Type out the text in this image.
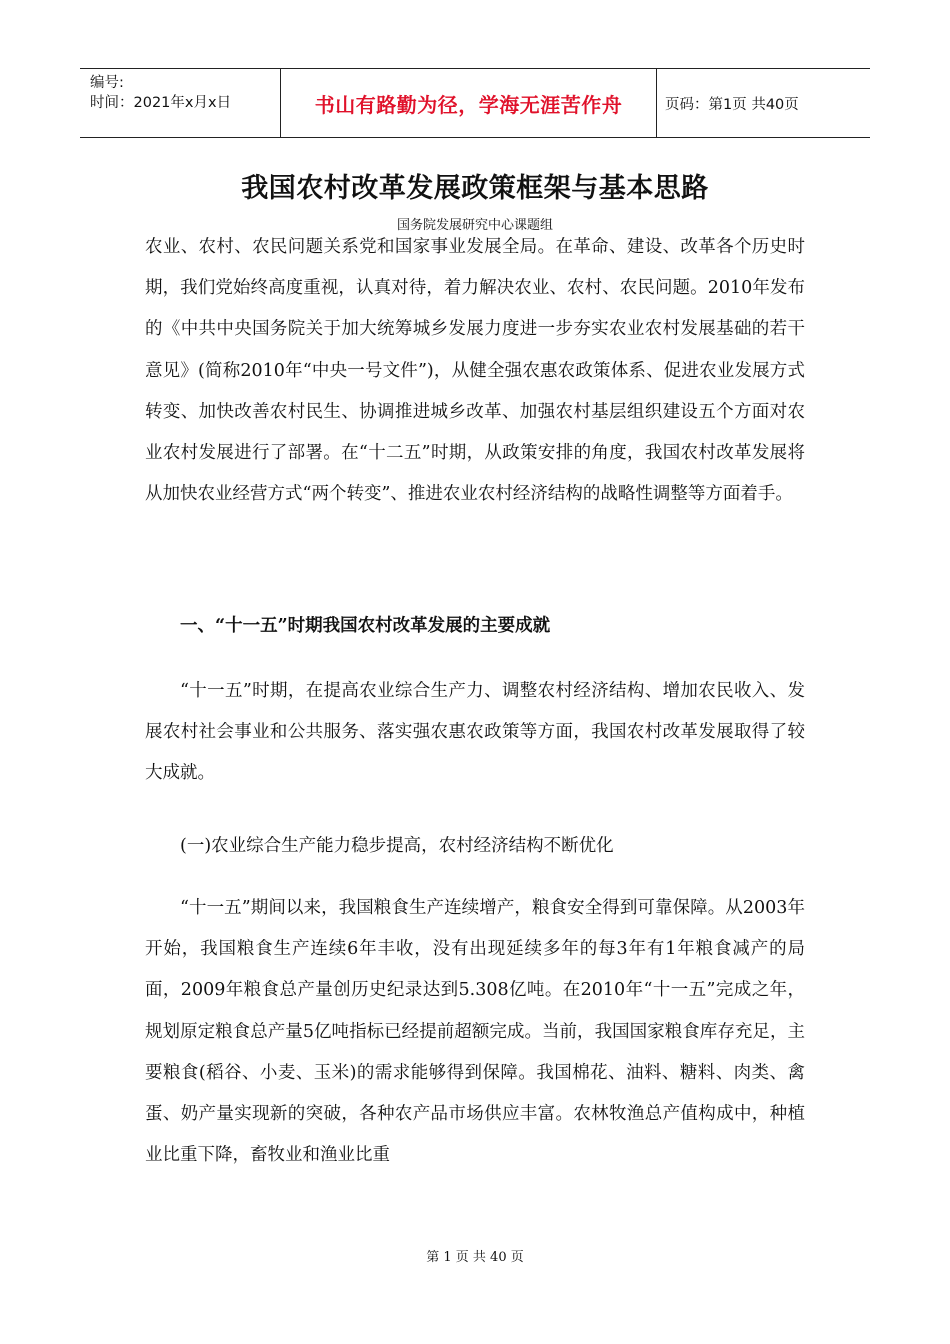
编号:
时间：2021年x月x日	书山有路勤为径，学海无涯苦作舟	页码：第1页 共40页
我国农村改革发展政策框架与基本思路
国务院发展研究中心课题组

农业、农村、农民问题关系党和国家事业发展全局。在革命、建设、改革各个历史时期，我们党始终高度重视，认真对待，着力解决农业、农村、农民问题。2010年发布的《中共中央国务院关于加大统筹城乡发展力度进一步夯实农业农村发展基础的若干意见》(简称2010年“中央一号文件”)，从健全强农惠农政策体系、促进农业发展方式转变、加快改善农村民生、协调推进城乡改革、加强农村基层组织建设五个方面对农业农村发展进行了部署。在“十二五”时期，从政策安排的角度，我国农村改革发展将从加快农业经营方式“两个转变”、推进农业农村经济结构的战略性调整等方面着手。

一、“十一五”时期我国农村改革发展的主要成就

“十一五”时期，在提高农业综合生产力、调整农村经济结构、增加农民收入、发展农村社会事业和公共服务、落实强农惠农政策等方面，我国农村改革发展取得了较大成就。

(一)农业综合生产能力稳步提高，农村经济结构不断优化

“十一五”期间以来，我国粮食生产连续增产，粮食安全得到可靠保障。从2003年开始，我国粮食生产连续6年丰收，没有出现延续多年的每3年有1年粮食减产的局面，2009年粮食总产量创历史纪录达到5.308亿吨。在2010年“十一五”完成之年，规划原定粮食总产量5亿吨指标已经提前超额完成。当前，我国国家粮食库存充足，主要粮食(稻谷、小麦、玉米)的需求能够得到保障。我国棉花、油料、糖料、肉类、禽蛋、奶产量实现新的突破，各种农产品市场供应丰富。农林牧渔总产值构成中，种植业比重下降，畜牧业和渔业比重

第 1 页 共 40 页
